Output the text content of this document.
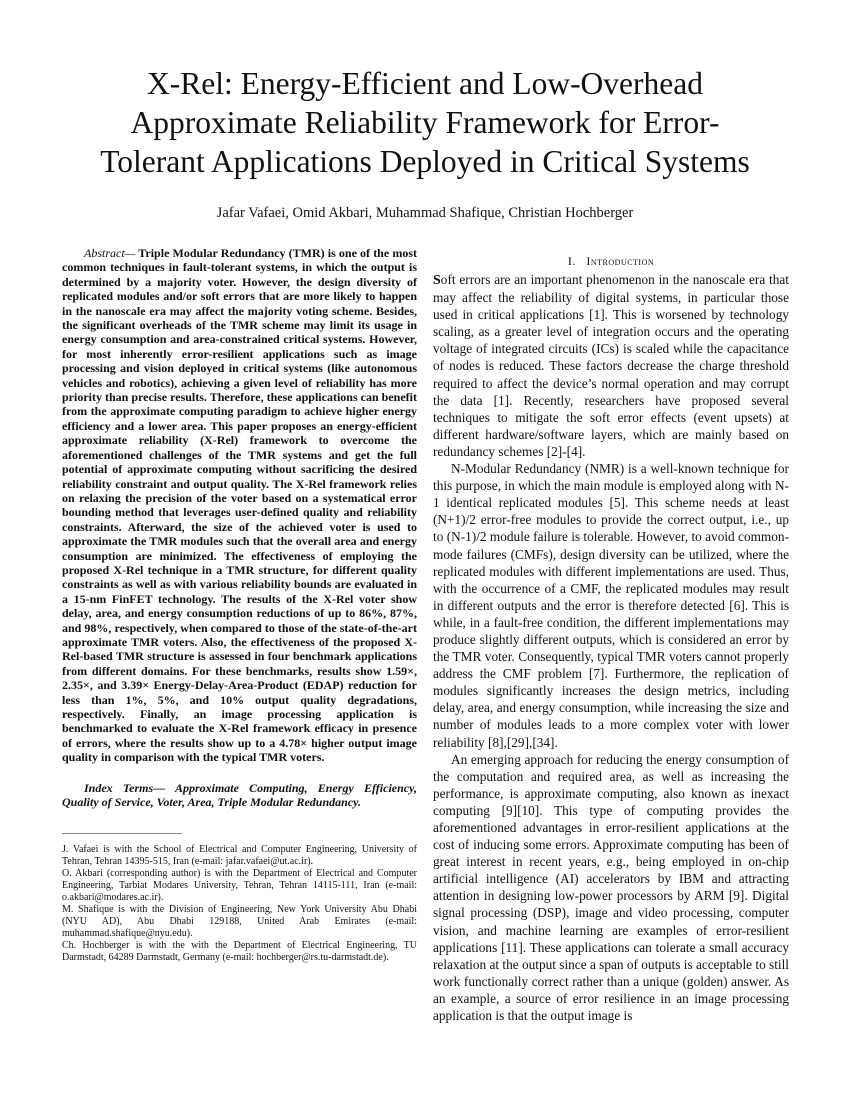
X-Rel: Energy-Efficient and Low-Overhead
Approximate Reliability Framework for Error-
Tolerant Applications Deployed in Critical Systems
Jafar Vafaei, Omid Akbari, Muhammad Shafique, Christian Hochberger

Abstract— Triple Modular Redundancy (TMR) is one of the most common techniques in fault-tolerant systems, in which the output is determined by a majority voter. However, the design diversity of replicated modules and/or soft errors that are more likely to happen in the nanoscale era may affect the majority voting scheme. Besides, the significant overheads of the TMR scheme may limit its usage in energy consumption and area-constrained critical systems. However, for most inherently error-resilient applications such as image processing and vision deployed in critical systems (like autonomous vehicles and robotics), achieving a given level of reliability has more priority than precise results. Therefore, these applications can benefit from the approximate computing paradigm to achieve higher energy efficiency and a lower area. This paper proposes an energy-efficient approximate reliability (X-Rel) framework to overcome the aforementioned challenges of the TMR systems and get the full potential of approximate computing without sacrificing the desired reliability constraint and output quality. The X-Rel framework relies on relaxing the precision of the voter based on a systematical error bounding method that leverages user-defined quality and reliability constraints. Afterward, the size of the achieved voter is used to approximate the TMR modules such that the overall area and energy consumption are minimized. The effectiveness of employing the proposed X-Rel technique in a TMR structure, for different quality constraints as well as with various reliability bounds are evaluated in a 15-nm FinFET technology. The results of the X-Rel voter show delay, area, and energy consumption reductions of up to 86%, 87%, and 98%, respectively, when compared to those of the state-of-the-art approximate TMR voters. Also, the effectiveness of the proposed X-Rel-based TMR structure is assessed in four benchmark applications from different domains. For these benchmarks, results show 1.59×, 2.35×, and 3.39× Energy-Delay-Area-Product (EDAP) reduction for less than 1%, 5%, and 10% output quality degradations, respectively. Finally, an image processing application is benchmarked to evaluate the X-Rel framework efficacy in presence of errors, where the results show up to a 4.78× higher output image quality in comparison with the typical TMR voters.

Index Terms— Approximate Computing, Energy Efficiency, Quality of Service, Voter, Area, Triple Modular Redundancy.

J. Vafaei is with the School of Electrical and Computer Engineering, University of Tehran, Tehran 14395-515, Iran (e-mail: jafar.vafaei@ut.ac.ir).

O. Akbari (corresponding author) is with the Department of Electrical and Computer Engineering, Tarbiat Modares University, Tehran, Tehran 14115-111, Iran (e-mail: o.akbari@modares.ac.ir).

M. Shafique is with the Division of Engineering, New York University Abu Dhabi (NYU AD), Abu Dhabi 129188, United Arab Emirates (e-mail: muhammad.shafique@nyu.edu).

Ch. Hochberger is with the with the Department of Electrical Engineering, TU Darmstadt, 64289 Darmstadt, Germany (e-mail: hochberger@rs.tu-darmstadt.de).

I. Introduction

Soft errors are an important phenomenon in the nanoscale era that may affect the reliability of digital systems, in particular those used in critical applications [1]. This is worsened by technology scaling, as a greater level of integration occurs and the operating voltage of integrated circuits (ICs) is scaled while the capacitance of nodes is reduced. These factors decrease the charge threshold required to affect the device’s normal operation and may corrupt the data [1]. Recently, researchers have proposed several techniques to mitigate the soft error effects (event upsets) at different hardware/software layers, which are mainly based on redundancy schemes [2]-[4].

N-Modular Redundancy (NMR) is a well-known technique for this purpose, in which the main module is employed along with N-1 identical replicated modules [5]. This scheme needs at least (N+1)/2 error-free modules to provide the correct output, i.e., up to (N-1)/2 module failure is tolerable. However, to avoid common-mode failures (CMFs), design diversity can be utilized, where the replicated modules with different implementations are used. Thus, with the occurrence of a CMF, the replicated modules may result in different outputs and the error is therefore detected [6]. This is while, in a fault-free condition, the different implementations may produce slightly different outputs, which is considered an error by the TMR voter. Consequently, typical TMR voters cannot properly address the CMF problem [7]. Furthermore, the replication of modules significantly increases the design metrics, including delay, area, and energy consumption, while increasing the size and number of modules leads to a more complex voter with lower reliability [8],[29],[34].

An emerging approach for reducing the energy consumption of the computation and required area, as well as increasing the performance, is approximate computing, also known as inexact computing [9][10]. This type of computing provides the aforementioned advantages in error-resilient applications at the cost of inducing some errors. Approximate computing has been of great interest in recent years, e.g., being employed in on-chip artificial intelligence (AI) accelerators by IBM and attracting attention in designing low-power processors by ARM [9]. Digital signal processing (DSP), image and video processing, computer vision, and machine learning are examples of error-resilient applications [11]. These applications can tolerate a small accuracy relaxation at the output since a span of outputs is acceptable to still work functionally correct rather than a unique (golden) answer. As an example, a source of error resilience in an image processing application is that the output image is
